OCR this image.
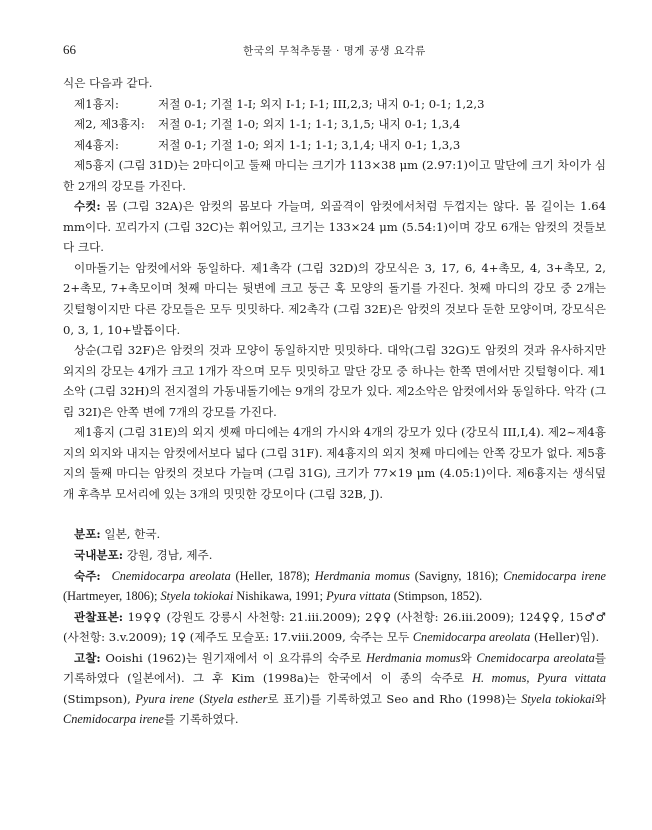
66	한국의 무척추동물 · 명게 공생 요각류

식은 다음과 같다.

제1흉지:	저절 0-1; 기절 1-I; 외지 I-1; I-1; III,2,3; 내지 0-1; 0-1; 1,2,3
제2, 제3흉지:	저절 0-1; 기절 1-0; 외지 1-1; 1-1; 3,1,5; 내지 0-1; 1,3,4
제4흉지:	저절 0-1; 기절 1-0; 외지 1-1; 1-1; 3,1,4; 내지 0-1; 1,3,3

제5흉지 (그림 31D)는 2마디이고 둘째 마디는 크기가 113×38 μm (2.97:1)이고 말단에 크기 차이가 심한 2개의 강모를 가진다.

수컷: 몸 (그림 32A)은 암컷의 몸보다 가늘며, 외골격이 암컷에서처럼 두껍지는 않다. 몸 길이는 1.64 mm이다. 꼬리가지 (그림 32C)는 휘어있고, 크기는 133×24 μm (5.54:1)이며 강모 6개는 암컷의 것들보다 크다.

이마돌기는 암컷에서와 동일하다. 제1촉각 (그림 32D)의 강모식은 3, 17, 6, 4+촉모, 4, 3+촉모, 2, 2+촉모, 7+촉모이며 첫째 마디는 뒷변에 크고 둥근 혹 모양의 돌기를 가진다. 첫째 마디의 강모 중 2개는 깃털형이지만 다른 강모들은 모두 밋밋하다. 제2촉각 (그림 32E)은 암컷의 것보다 둔한 모양이며, 강모식은 0, 3, 1, 10+발톱이다.

상순(그림 32F)은 암컷의 것과 모양이 동일하지만 밋밋하다. 대악(그림 32G)도 암컷의 것과 유사하지만 외지의 강모는 4개가 크고 1개가 작으며 모두 밋밋하고 말단 강모 중 하나는 한쪽 면에서만 깃털형이다. 제1소악 (그림 32H)의 전지절의 가동내돌기에는 9개의 강모가 있다. 제2소악은 암컷에서와 동일하다. 악각 (그림 32I)은 안쪽 변에 7개의 강모를 가진다.

제1흉지 (그림 31E)의 외지 셋째 마디에는 4개의 가시와 4개의 강모가 있다 (강모식 III,I,4). 제2~제4흉지의 외지와 내지는 암컷에서보다 넓다 (그림 31F). 제4흉지의 외지 첫째 마디에는 안쪽 강모가 없다. 제5흉지의 둘째 마디는 암컷의 것보다 가늘며 (그림 31G), 크기가 77×19 μm (4.05:1)이다. 제6흉지는 생식덮개 후측부 모서리에 있는 3개의 밋밋한 강모이다 (그림 32B, J).

분포: 일본, 한국.

국내분포: 강원, 경남, 제주.

숙주: Cnemidocarpa areolata (Heller, 1878); Herdmania momus (Savigny, 1816); Cnemidocarpa irene (Hartmeyer, 1806); Styela tokiokai Nishikawa, 1991; Pyura vittata (Stimpson, 1852).

관찰표본: 19♀♀ (강원도 강릉시 사천항: 21.iii.2009); 2♀♀ (사천항: 26.iii.2009); 124♀♀, 15♂♂ (사천항: 3.v.2009); 1♀ (제주도 모슬포: 17.viii.2009, 숙주는 모두 Cnemidocarpa areolata (Heller)임).

고찰: Ooishi (1962)는 원기재에서 이 요각류의 숙주로 Herdmania momus와 Cnemidocarpa areolata를 기록하였다 (일본에서). 그 후 Kim (1998a)는 한국에서 이 종의 숙주로 H. momus, Pyura vittata (Stimpson), Pyura irene (Styela esther로 표기)를 기록하였고 Seo and Rho (1998)는 Styela tokiokai와 Cnemidocarpa irene를 기록하였다.
